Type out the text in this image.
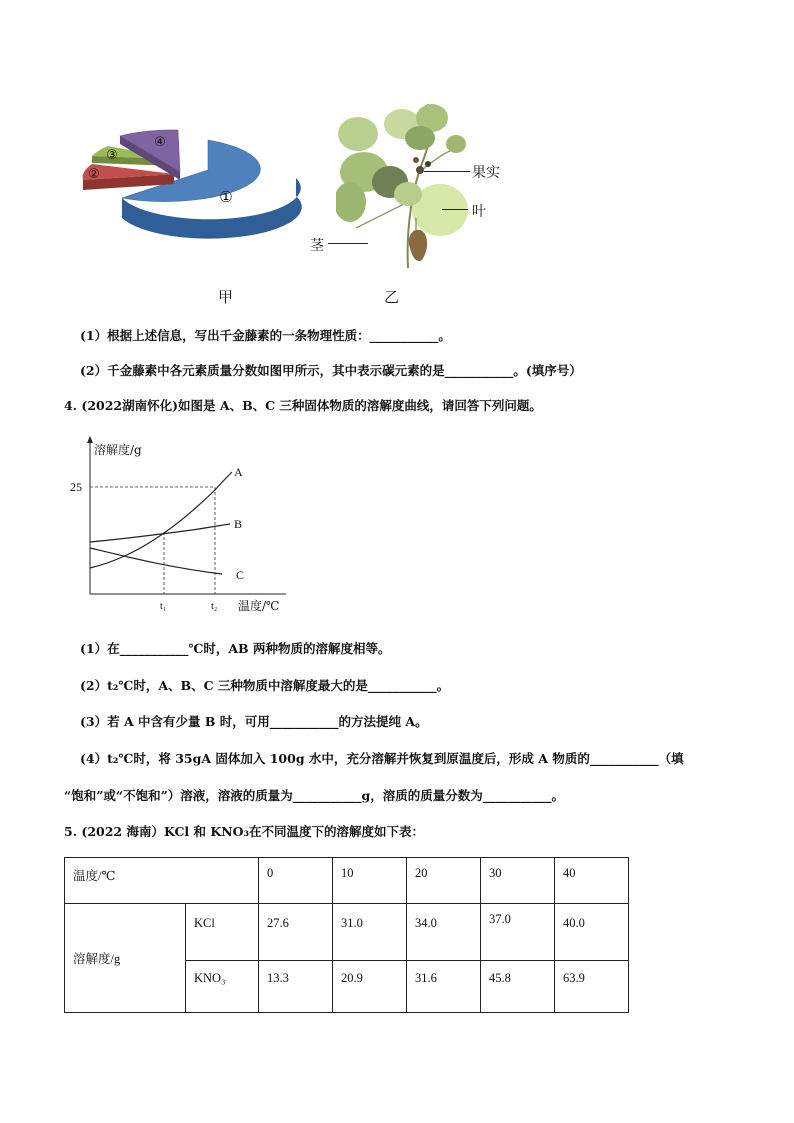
①
②
③
④
甲
果实
叶
茎
乙
(1）根据上述信息，写出千金藤素的一条物理性质：___________。
(2）千金藤素中各元素质量分数如图甲所示，其中表示碳元素的是___________。(填序号）
4. (2022湖南怀化)如图是 A、B、C 三种固体物质的溶解度曲线，请回答下列问题。
溶解度/g
25
A
B
C
t₁	t₂ 温度/℃
(1）在___________℃时，AB 两种物质的溶解度相等。
(2）t₂℃时，A、B、C 三种物质中溶解度最大的是___________。
(3）若 A 中含有少量 B 时，可用___________的方法提纯 A。
(4）t₂℃时，将 35gA 固体加入 100g 水中，充分溶解并恢复到原温度后，形成 A 物质的___________（填
“饱和”或“不饱和”）溶液，溶液的质量为___________g，溶质的质量分数为___________。
5. (2022 海南）KCl 和 KNO₃在不同温度下的溶解度如下表：
温度/℃		0	10	20	30	40

溶解度/g	KCl	27.6	31.0	34.0	37.0	40.0

	KNO₃	13.3	20.9	31.6	45.8	63.9
